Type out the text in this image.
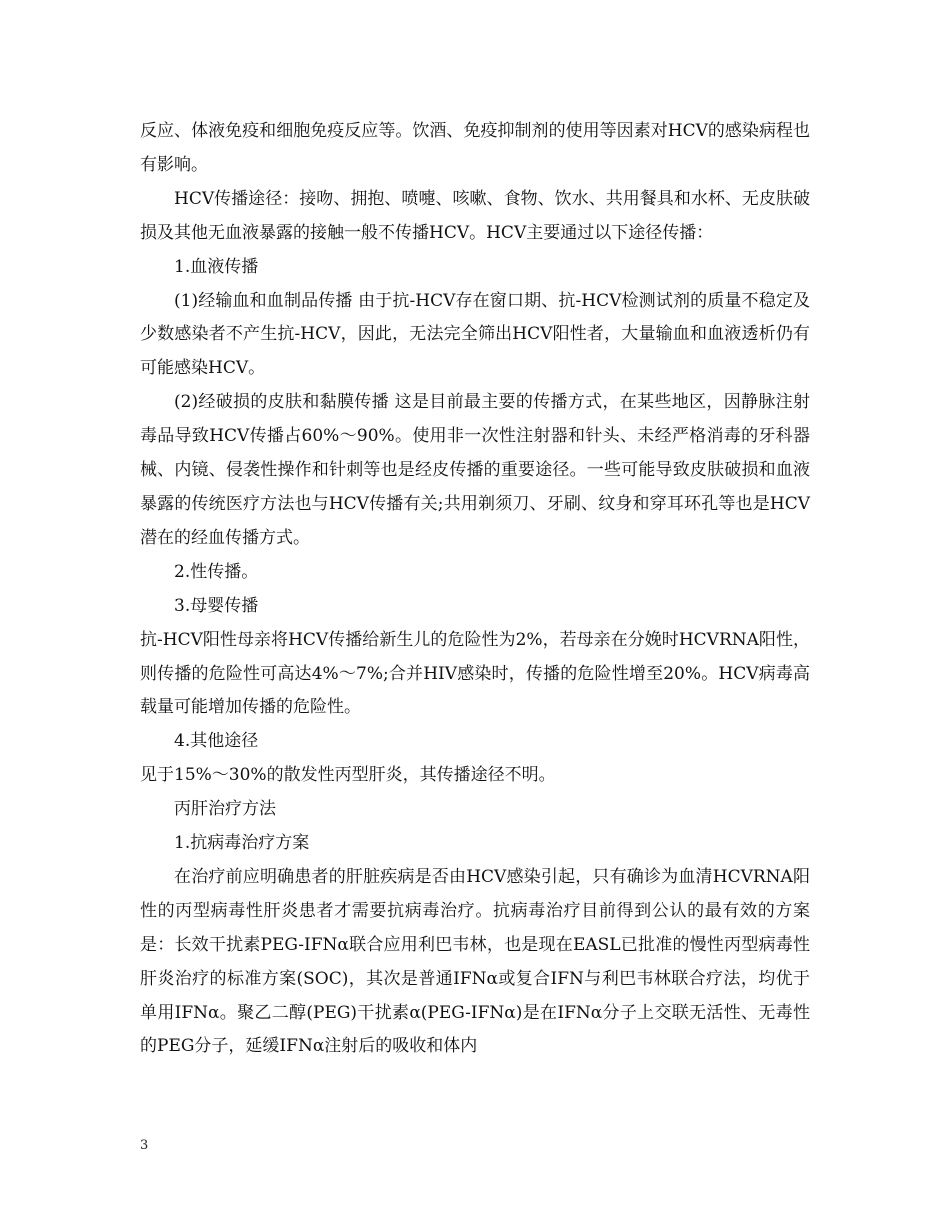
反应、体液免疫和细胞免疫反应等。饮酒、免疫抑制剂的使用等因素对HCV的感染病程也有影响。

HCV传播途径：接吻、拥抱、喷嚏、咳嗽、食物、饮水、共用餐具和水杯、无皮肤破损及其他无血液暴露的接触一般不传播HCV。HCV主要通过以下途径传播：

1.血液传播

(1)经输血和血制品传播 由于抗-HCV存在窗口期、抗-HCV检测试剂的质量不稳定及少数感染者不产生抗-HCV，因此，无法完全筛出HCV阳性者，大量输血和血液透析仍有可能感染HCV。

(2)经破损的皮肤和黏膜传播 这是目前最主要的传播方式，在某些地区，因静脉注射毒品导致HCV传播占60%～90%。使用非一次性注射器和针头、未经严格消毒的牙科器械、内镜、侵袭性操作和针刺等也是经皮传播的重要途径。一些可能导致皮肤破损和血液暴露的传统医疗方法也与HCV传播有关;共用剃须刀、牙刷、纹身和穿耳环孔等也是HCV潜在的经血传播方式。

2.性传播。

3.母婴传播

抗-HCV阳性母亲将HCV传播给新生儿的危险性为2%，若母亲在分娩时HCVRNA阳性，则传播的危险性可高达4%～7%;合并HIV感染时，传播的危险性增至20%。HCV病毒高载量可能增加传播的危险性。

4.其他途径

见于15%～30%的散发性丙型肝炎，其传播途径不明。

丙肝治疗方法

1.抗病毒治疗方案

在治疗前应明确患者的肝脏疾病是否由HCV感染引起，只有确诊为血清HCVRNA阳性的丙型病毒性肝炎患者才需要抗病毒治疗。抗病毒治疗目前得到公认的最有效的方案是：长效干扰素PEG-IFNα联合应用利巴韦林，也是现在EASL已批准的慢性丙型病毒性肝炎治疗的标准方案(SOC)，其次是普通IFNα或复合IFN与利巴韦林联合疗法，均优于单用IFNα。聚乙二醇(PEG)干扰素α(PEG-IFNα)是在IFNα分子上交联无活性、无毒性的PEG分子，延缓IFNα注射后的吸收和体内

3
